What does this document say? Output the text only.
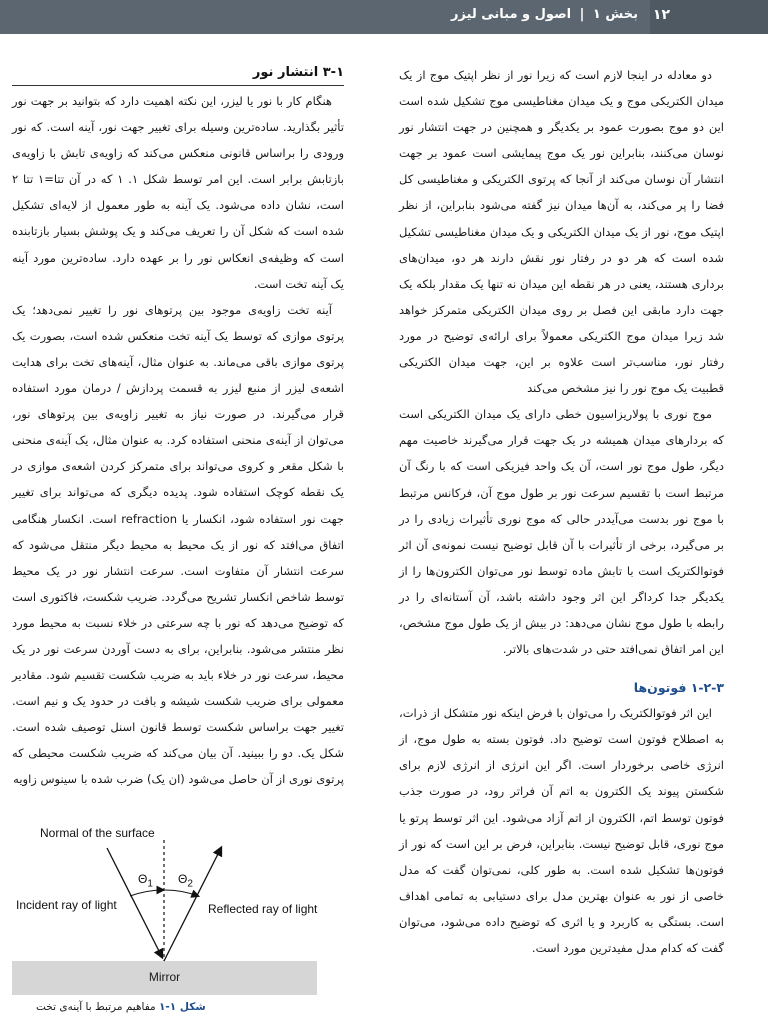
۱۲
بخش ۱ | اصول و مبانی لیزر

دو معادله در اینجا لازم است که زیرا نور از نظر اپتیک موج از یک میدان الکتریکی موج و یک میدان مغناطیسی موج تشکیل شده است این دو موج بصورت عمود بر یکدیگر و همچنین در جهت انتشار نور نوسان می‌کنند، بنابراین نور یک موج پیمایشی است عمود بر جهت انتشار آن نوسان می‌کند از آنجا که پرتوی الکتریکی و مغناطیسی کل فضا را پر می‌کند، به آن‌ها میدان نیز گفته می‌شود بنابراین، از نظر اپتیک موج، نور از یک میدان الکتریکی و یک میدان مغناطیسی تشکیل شده است که هر دو در رفتار نور نقش دارند هر دو، میدان‌های برداری هستند، یعنی در هر نقطه این میدان نه تنها یک مقدار بلکه یک جهت دارد مابقی این فصل بر روی میدان الکتریکی متمرکز خواهد شد زیرا میدان موج الکتریکی معمولاً برای ارائه‌ی توضیح در مورد رفتار نور، مناسب‌تر است علاوه بر این، جهت میدان الکتریکی قطبیت یک موج نور را نیز مشخص می‌کند

موج نوری با پولاریزاسیون خطی دارای یک میدان الکتریکی است که بردارهای میدان همیشه در یک جهت قرار می‌گیرند خاصیت مهم دیگر، طول موج نور است، آن یک واحد فیزیکی است که با رنگ آن مرتبط است با تقسیم سرعت نور بر طول موج آن، فرکانس مرتبط با موج نور بدست می‌آیددر حالی که موج نوری تأثیرات زیادی را در بر می‌گیرد، برخی از تأثیرات با آن قابل توضیح نیست نمونه‌ی آن اثر فوتوالکتریک است با تابش ماده توسط نور می‌توان الکترون‌ها را از یکدیگر جدا کرداگر این اثر وجود داشته باشد، آن آستانه‌ای را در رابطه با طول موج نشان می‌دهد: در بیش از یک طول موج مشخص، این امر اتفاق نمی‌افتد حتی در شدت‌های بالاتر.

۱-۲-۳ فوتون‌ها

این اثر فوتوالکتریک را می‌توان با فرض اینکه نور متشکل از ذرات، به اصطلاح فوتون است توضیح داد. فوتون بسته به طول موج، از انرژی خاصی برخوردار است. اگر این انرژی از انرژی لازم برای شکستن پیوند یک الکترون به اتم آن فراتر رود، در صورت جذب فوتون توسط اتم، الکترون از اتم آزاد می‌شود. این اثر توسط پرتو یا موج نوری، قابل توضیح نیست. بنابراین، فرض بر این است که نور از فوتون‌ها تشکیل شده است. به طور کلی، نمی‌توان گفت که مدل خاصی از نور به عنوان بهترین مدل برای دستیابی به تمامی اهداف است. بستگی به کاربرد و یا اثری که توضیح داده می‌شود، می‌توان گفت که کدام مدل مفیدترین مورد است.

۳-۱ انتشار نور

هنگام کار با نور یا لیزر، این نکته اهمیت دارد که بتوانید بر جهت نور تأثیر بگذارید. ساده‌ترین وسیله برای تغییر جهت نور، آینه است. که نور ورودی را براساس قانونی منعکس می‌کند که زاویه‌ی تابش با زاویه‌ی بازتابش برابر است. این امر توسط شکل ۱. ۱ که در آن تتا=۱ تتا ۲ است، نشان داده می‌شود. یک آینه به طور معمول از لایه‌ای تشکیل شده است که شکل آن را تعریف می‌کند و یک پوشش بسیار بازتابنده است که وظیفه‌ی انعکاس نور را بر عهده دارد. ساده‌ترین مورد آینه یک آینه تخت است.

آینه تخت زاویه‌ی موجود بین پرتوهای نور را تغییر نمی‌دهد؛ یک پرتوی موازی که توسط یک آینه تخت منعکس شده است، بصورت یک پرتوی موازی باقی می‌ماند. به عنوان مثال، آینه‌های تخت برای هدایت اشعه‌ی لیزر از منبع لیزر به قسمت پردازش / درمان مورد استفاده قرار می‌گیرند. در صورت نیاز به تغییر زاویه‌ی بین پرتوهای نور، می‌توان از آینه‌ی منحنی استفاده کرد. به عنوان مثال، یک آینه‌ی منحنی با شکل مقعر و کروی می‌تواند برای متمرکز کردن اشعه‌ی موازی در یک نقطه کوچک استفاده شود. پدیده دیگری که می‌تواند برای تغییر جهت نور استفاده شود، انکسار یا refraction است. انکسار هنگامی اتفاق می‌افتد که نور از یک محیط به محیط دیگر منتقل می‌شود که سرعت انتشار آن متفاوت است. سرعت انتشار نور در یک محیط توسط شاخص انکسار تشریح می‌گردد. ضریب شکست، فاکتوری است که توضیح می‌دهد که نور با چه سرعتی در خلاء نسبت به محیط مورد نظر منتشر می‌شود. بنابراین، برای به دست آوردن سرعت نور در یک محیط، سرعت نور در خلاء باید به ضریب شکست تقسیم شود. مقادیر معمولی برای ضریب شکست شیشه و بافت در حدود یک و نیم است. تغییر جهت براساس شکست توسط قانون اسنل توصیف شده است. شکل یک. دو را ببینید. آن بیان می‌کند که ضریب شکست محیطی که پرتوی نوری از آن حاصل می‌شود (ان یک) ضرب شده با سینوس زاویه

Normal of the surface
Incident ray of light	Reflected ray of light
$\Theta_1$ $\Theta_2$
Mirror
شکل ۱-۱ مفاهیم مرتبط با آینه‌ی تخت
